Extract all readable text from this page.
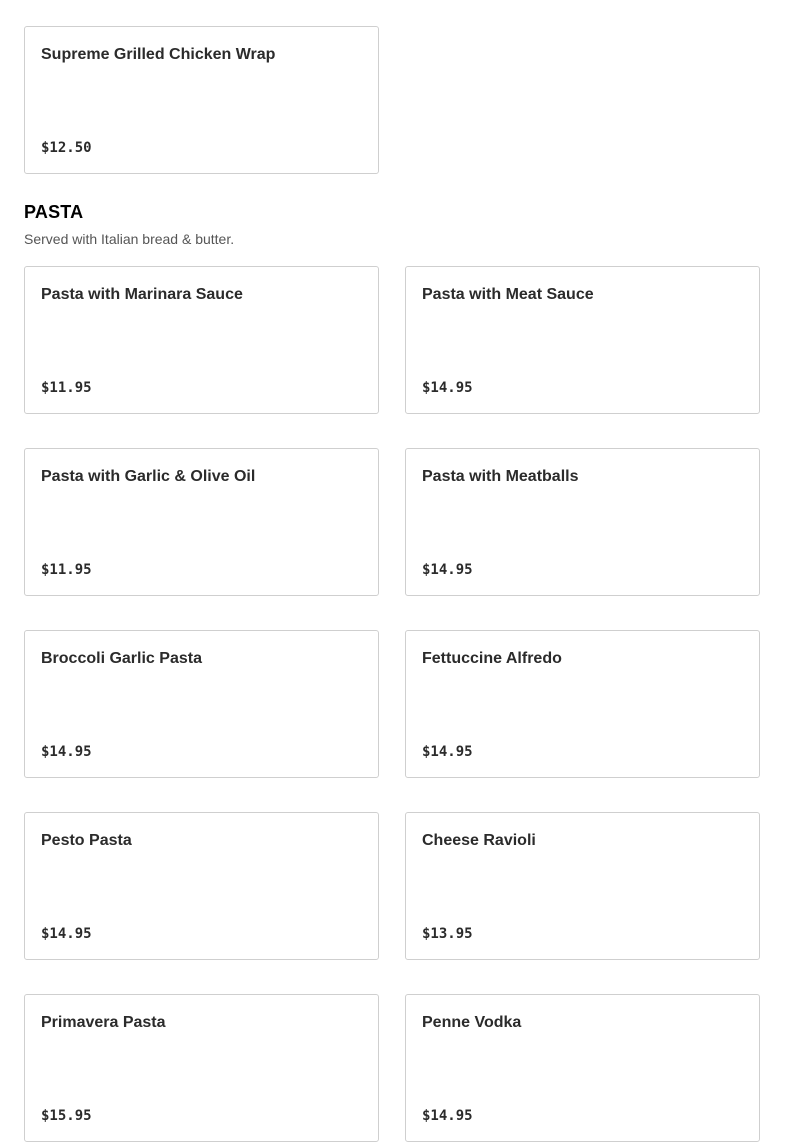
Supreme Grilled Chicken Wrap
$12.50
PASTA

Served with Italian bread & butter.

Pasta with Marinara Sauce
$11.95
Pasta with Meat Sauce
$14.95
Pasta with Garlic & Olive Oil
$11.95
Pasta with Meatballs
$14.95
Broccoli Garlic Pasta
$14.95
Fettuccine Alfredo
$14.95
Pesto Pasta
$14.95
Cheese Ravioli
$13.95
Primavera Pasta
$15.95
Penne Vodka
$14.95
